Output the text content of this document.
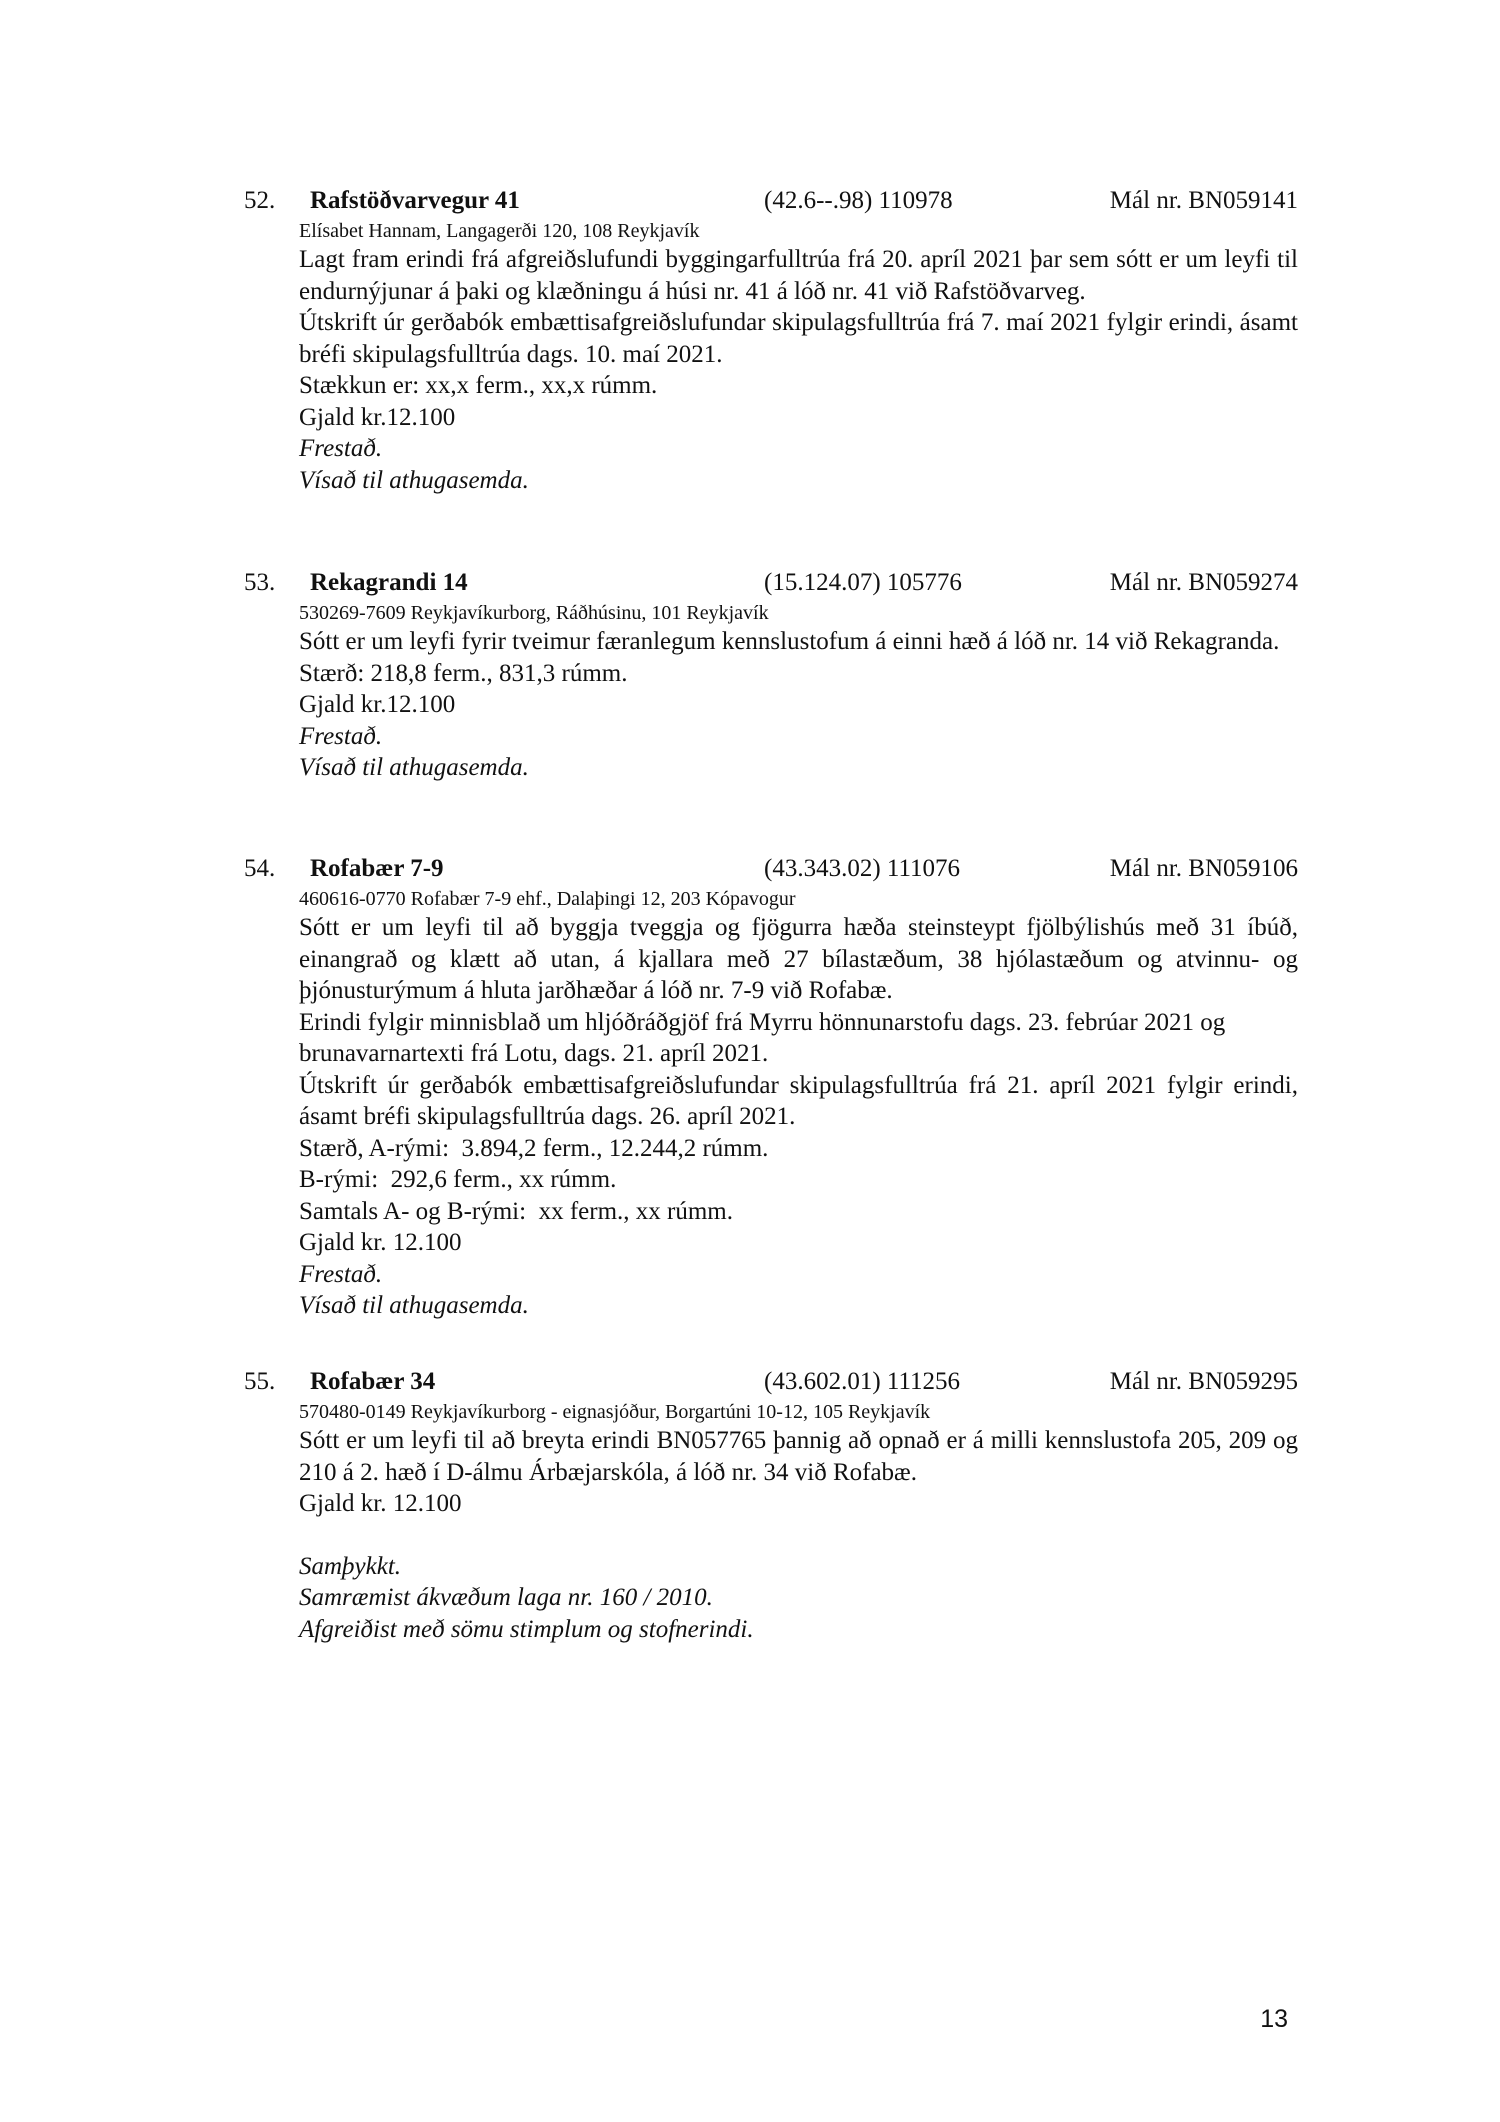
52. Rafstöðvarvegur 41	(42.6--.98) 110978	Mál nr. BN059141
Elísabet Hannam, Langagerði 120, 108 Reykjavík
Lagt fram erindi frá afgreiðslufundi byggingarfulltrúa frá 20. apríl 2021 þar sem sótt er um leyfi til endurnýjunar á þaki og klæðningu á húsi nr. 41 á lóð nr. 41 við Rafstöðvarveg.
Útskrift úr gerðabók embættisafgreiðslufundar skipulagsfulltrúa frá 7. maí 2021 fylgir erindi, ásamt bréfi skipulagsfulltrúa dags. 10. maí 2021.
Stækkun er: xx,x ferm., xx,x rúmm.
Gjald kr.12.100
Frestað.
Vísað til athugasemda.
53. Rekagrandi 14	(15.124.07) 105776	Mál nr. BN059274
530269-7609 Reykjavíkurborg, Ráðhúsinu, 101 Reykjavík
Sótt er um leyfi fyrir tveimur færanlegum kennslustofum á einni hæð á lóð nr. 14 við Rekagranda.
Stærð: 218,8 ferm., 831,3 rúmm.
Gjald kr.12.100
Frestað.
Vísað til athugasemda.
54. Rofabær 7-9	(43.343.02) 111076	Mál nr. BN059106
460616-0770 Rofabær 7-9 ehf., Dalaþingi 12, 203 Kópavogur
Sótt er um leyfi til að byggja tveggja og fjögurra hæða steinsteypt fjölbýlishús með 31 íbúð, einangrað og klætt að utan, á kjallara með 27 bílastæðum, 38 hjólastæðum og atvinnu- og þjónusturýmum á hluta jarðhæðar á lóð nr. 7-9 við Rofabæ.
Erindi fylgir minnisblað um hljóðráðgjöf frá Myrru hönnunarstofu dags. 23. febrúar 2021 og brunavarnartexti frá Lotu, dags. 21. apríl 2021.
Útskrift úr gerðabók embættisafgreiðslufundar skipulagsfulltrúa frá 21. apríl 2021 fylgir erindi, ásamt bréfi skipulagsfulltrúa dags. 26. apríl 2021.
Stærð, A-rými:  3.894,2 ferm., 12.244,2 rúmm.
B-rými:  292,6 ferm., xx rúmm.
Samtals A- og B-rými:  xx ferm., xx rúmm.
Gjald kr. 12.100
Frestað.
Vísað til athugasemda.
55. Rofabær 34	(43.602.01) 111256	Mál nr. BN059295
570480-0149 Reykjavíkurborg - eignasjóður, Borgartúni 10-12, 105 Reykjavík
Sótt er um leyfi til að breyta erindi BN057765 þannig að opnað er á milli kennslustofa 205, 209 og 210 á 2. hæð í D-álmu Árbæjarskóla, á lóð nr. 34 við Rofabæ.
Gjald kr. 12.100
Samþykkt.
Samræmist ákvæðum laga nr. 160 / 2010.
Afgreiðist með sömu stimplum og stofnerindi.
13
